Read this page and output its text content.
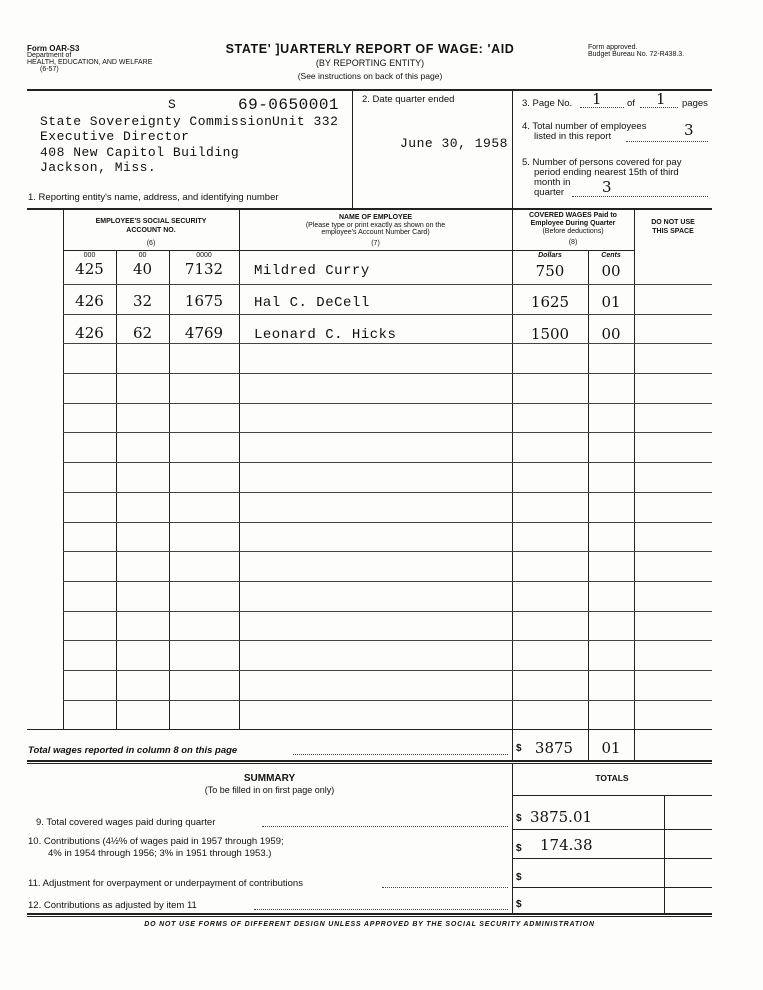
Form OAR-S3
Department of
HEALTH, EDUCATION, AND WELFARE
(6-57)
STATE' ]UARTERLY REPORT OF WAGE: 'AID
(BY REPORTING ENTITY)
(See instructions on back of this page)
Form approved.
Budget Bureau No. 72-R438.3.
S	69-0650001
State Sovereignty Commission Unit 332
Executive Director
408 New Capitol Building
Jackson, Miss.
1. Reporting entity's name, address, and identifying number
2. Date quarter ended
June 30, 1958
3. Page No. 1	of 1 pages
4. Total number of employees
listed in this report	3
5. Number of persons covered for pay
period ending nearest 15th of third
month in
quarter	3
EMPLOYEE'S SOCIAL SECURITY
ACCOUNT NO.
(6)
NAME OF EMPLOYEE
(Please type or print exactly as shown on the
employee's Account Number Card)
(7)
COVERED WAGES Paid to
Employee During Quarter
(Before deductions)
(8)
DO NOT USE
THIS SPACE
000	00	0000	Dollars	Cents
425	40	7132	Mildred Curry	750	00
426	32	1675	Hal C. DeCell	1625	01
426	62	4769	Leonard C. Hicks	1500	00
Total wages reported in column 8 on this page	$ 3875	01
SUMMARY
(To be filled in on first page only)
TOTALS
9. Total covered wages paid during quarter	$ 3875.01
10. Contributions (4½% of wages paid in 1957 through 1959;
4% in 1954 through 1956; 3% in 1951 through 1953.)	$ 174.38
11. Adjustment for overpayment or underpayment of contributions
$
12. Contributions as adjusted by item 11	$
DO NOT USE FORMS OF DIFFERENT DESIGN UNLESS APPROVED BY THE SOCIAL SECURITY ADMINISTRATION
